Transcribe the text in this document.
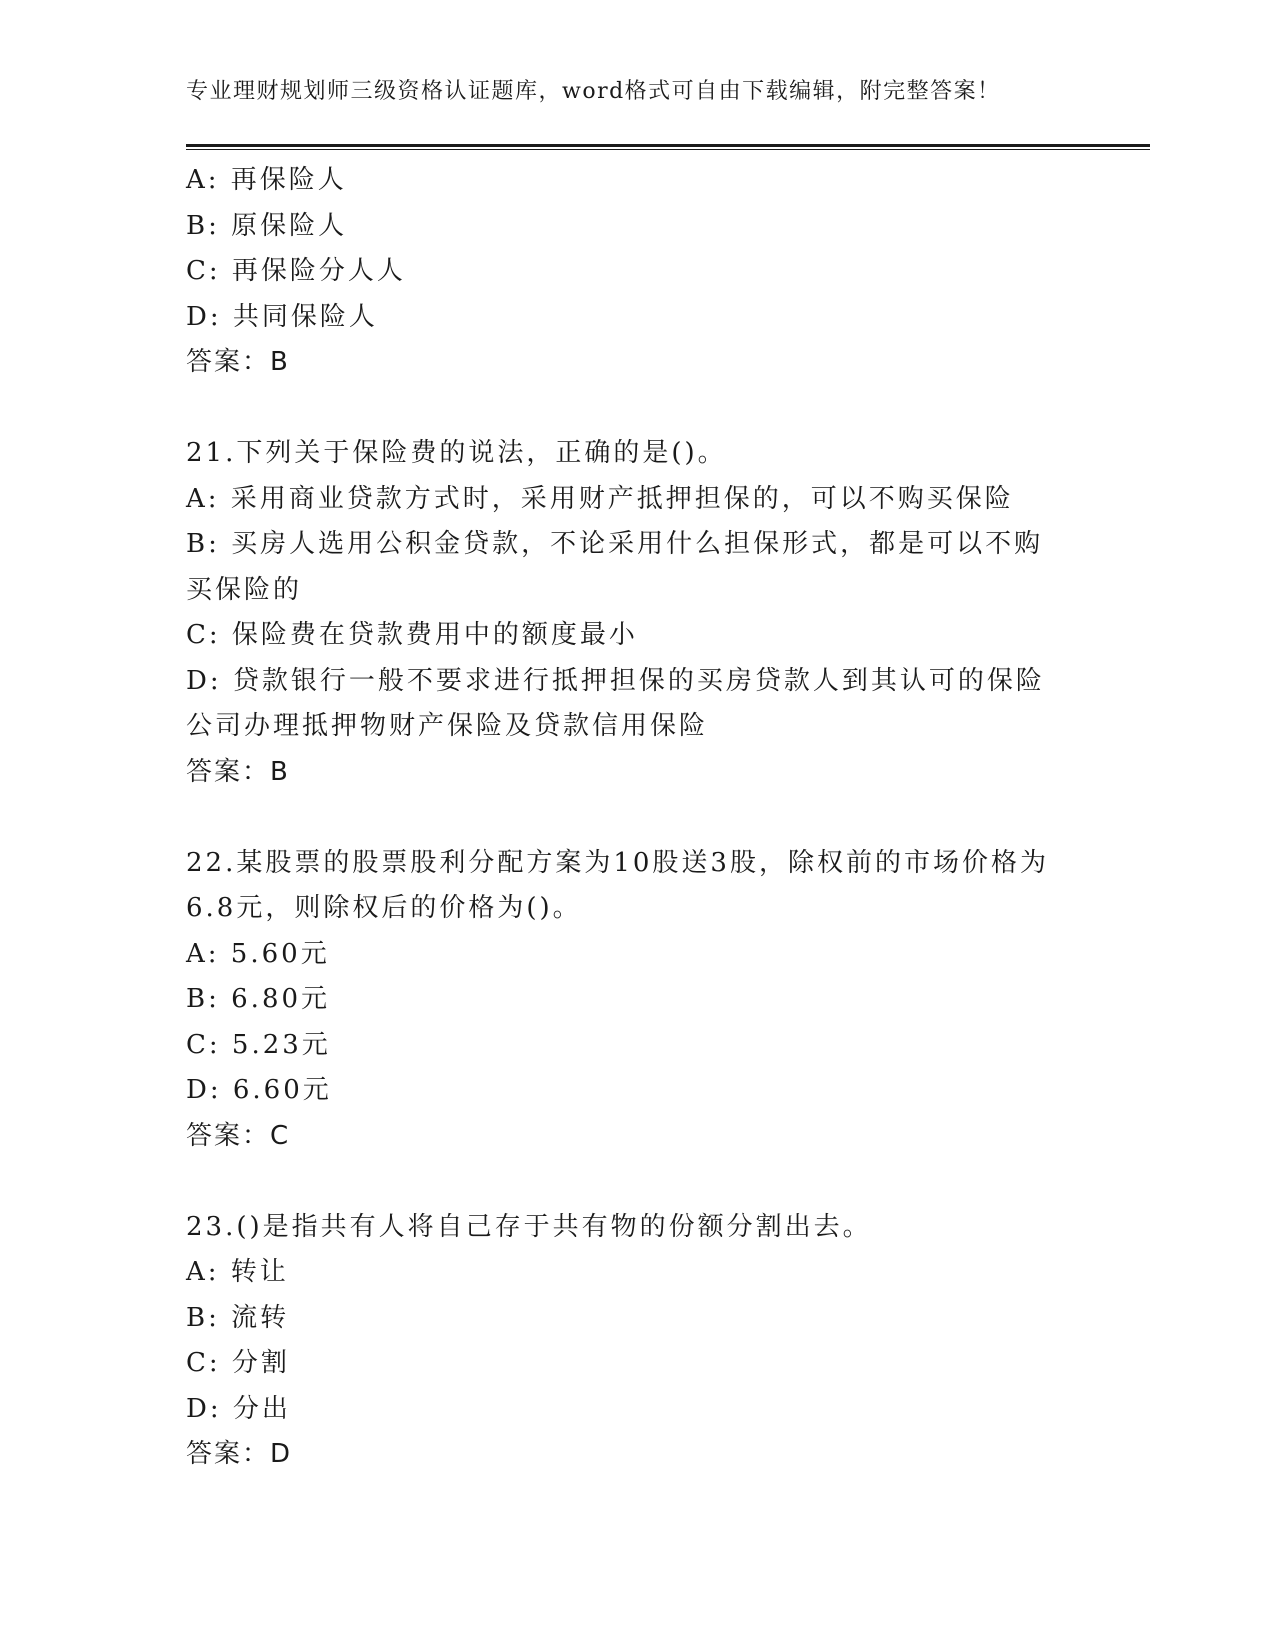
专业理财规划师三级资格认证题库，word格式可自由下载编辑，附完整答案！
A: 再保险人
B: 原保险人
C: 再保险分人人
D: 共同保险人
答案：B
21.下列关于保险费的说法，正确的是()。
A: 采用商业贷款方式时，采用财产抵押担保的，可以不购买保险
B: 买房人选用公积金贷款，不论采用什么担保形式，都是可以不购买保险的
C: 保险费在贷款费用中的额度最小
D: 贷款银行一般不要求进行抵押担保的买房贷款人到其认可的保险公司办理抵押物财产保险及贷款信用保险
答案：B
22.某股票的股票股利分配方案为10股送3股，除权前的市场价格为6.8元，则除权后的价格为()。
A: 5.60元
B: 6.80元
C: 5.23元
D: 6.60元
答案：C
23.()是指共有人将自己存于共有物的份额分割出去。
A: 转让
B: 流转
C: 分割
D: 分出
答案：D
